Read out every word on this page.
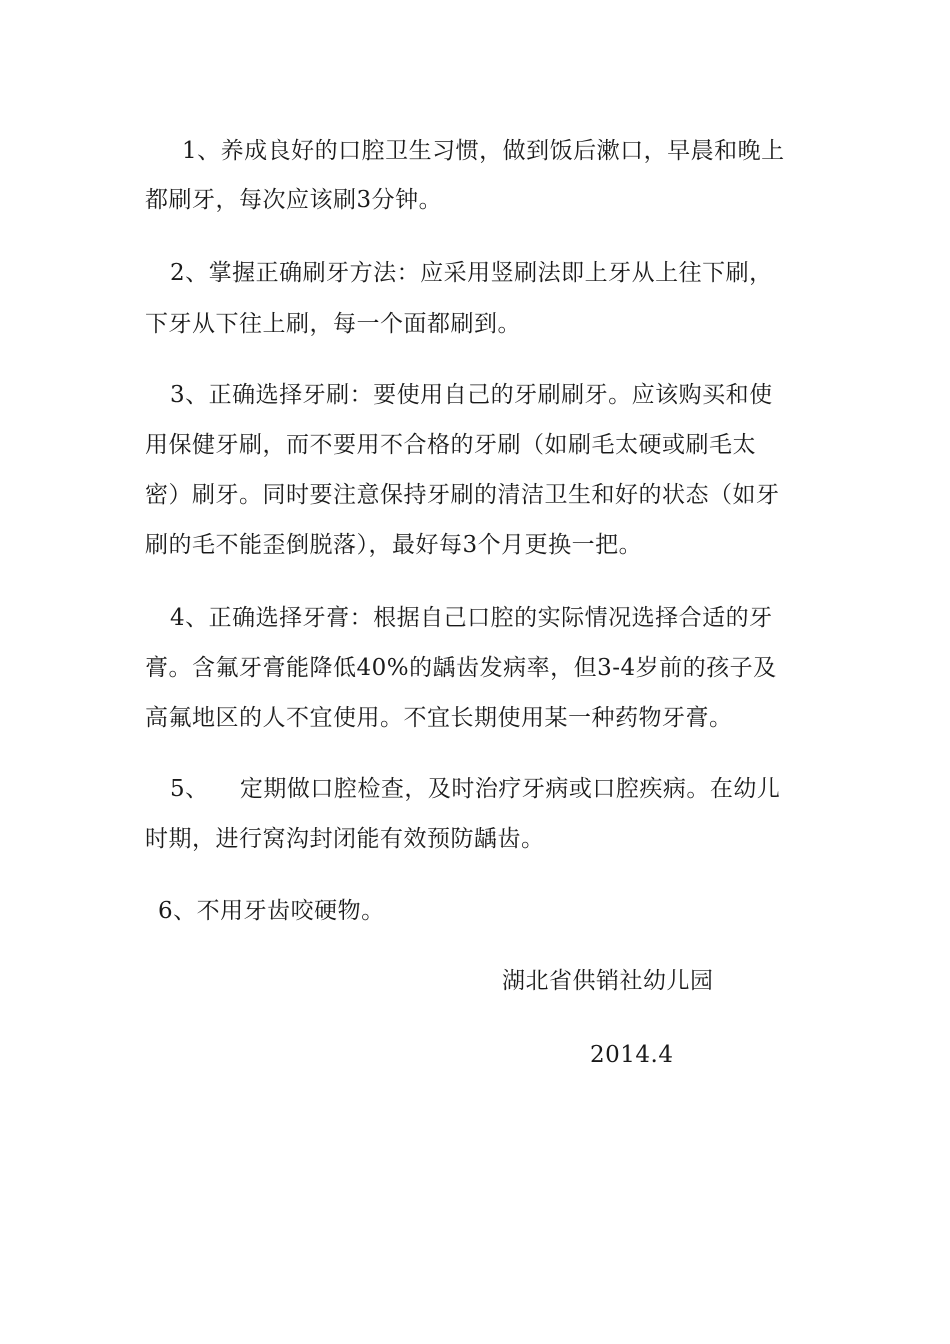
1、养成良好的口腔卫生习惯，做到饭后漱口，早晨和晚上
都刷牙，每次应该刷3分钟。
2、掌握正确刷牙方法：应采用竖刷法即上牙从上往下刷，
下牙从下往上刷，每一个面都刷到。
3、正确选择牙刷：要使用自己的牙刷刷牙。应该购买和使
用保健牙刷，而不要用不合格的牙刷（如刷毛太硬或刷毛太
密）刷牙。同时要注意保持牙刷的清洁卫生和好的状态（如牙
刷的毛不能歪倒脱落），最好每3个月更换一把。
4、正确选择牙膏：根据自己口腔的实际情况选择合适的牙
膏。含氟牙膏能降低40%的龋齿发病率，但3-4岁前的孩子及
高氟地区的人不宜使用。不宜长期使用某一种药物牙膏。
5、    定期做口腔检查，及时治疗牙病或口腔疾病。在幼儿
时期，进行窝沟封闭能有效预防龋齿。
6、不用牙齿咬硬物。
湖北省供销社幼儿园
2014.4
